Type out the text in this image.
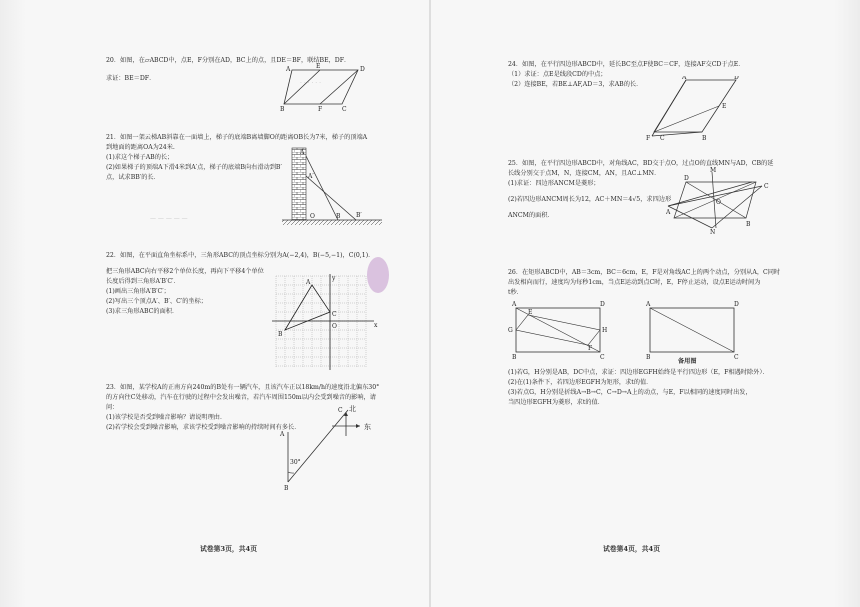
· · · · · ·
— — — — —

20．如图，在▱ABCD中，点E，F分别在AD，BC上的点，且DE＝BF，联结BE，DF．

求证：BE＝DF．

A	E	D
B	F	C

21．如图一架云梯AB斜靠在一面墙上，梯子的底端B离墙脚O的距离OB长为7米，梯子的顶端A

到地面的距离OA为24米.

(1)求这个梯子AB的长；

(2)如果梯子的顶端A下滑4米到A′点，梯子的底端B向右滑动到B′

点，试求BB′的长．

A
A′
O	B	B′

22．如图，在平面直角坐标系中，三角形ABC的顶点坐标分别为A(−2,4)，B(−5,−1)，C(0,1)．

把三角形ABC向右平移2个单位长度，再向下平移4个单位

长度后得到三角形A′B′C′．

(1)画出三角形A′B′C′；

(2)写出三个顶点A′、B′、C′的坐标；

(3)求三角形ABC的面积．

A
B
C
O	x
y

23．如图，某学校A的正南方向240m的B处有一辆汽车，且该汽车正以18km/h的速度沿北偏东30°

的方向往C处移动，汽车在行驶的过程中会发出噪音，若汽车周围150m以内会受到噪音的影响，请

问：

(1)该学校是否受到噪音影响？请说明理由．

(2)若学校会受到噪音影响，求该学校受到噪音影响的持续时间有多长．

C
A
B
北
东
30°
试卷第3页，共4页

24．如图，在平行四边形ABCD中，延长BC至点F使BC＝CF，连接AF交CD于点E．

（1）求证：点E是线段CD的中点；

（2）连接BE，若BE⊥AF,AD＝3，求AB的长．

A	D
E
B
C
F

25．如图，在平行四边形ABCD中，对角线AC，BD交于点O，过点O的直线MN与AD，CB的延

长线分别交于点M，N，连接CM，AN，且AC⊥MN．

(1)求证：四边形ANCM是菱形；

(2)若四边形ANCM周长为12，AC＋MN＝4√5，求四边形

ANCM的面积．

M
D
A
O
B
N
C

26．在矩形ABCD中，AB＝3cm，BC＝6cm，E，F是对角线AC上的两个动点，分别从A，C同时

出发相向而行，速度均为每秒1cm，当点E运动到点C时，E，F停止运动，设点E运动时间为

t秒．

A	D
B	C
G	H
E
F
A	D
B	C
备用图

(1)若G，H分别是AB，DC中点，求证：四边形EGFH始终是平行四边形（E，F相遇时除外）．

(2)在(1)条件下，若四边形EGFH为矩形，求t的值．

(3)若点G，H分别是折线A→B→C，C→D→A上的动点，与E，F以相同的速度同时出发，

当四边形EGFH为菱形，求t的值．

试卷第4页，共4页
